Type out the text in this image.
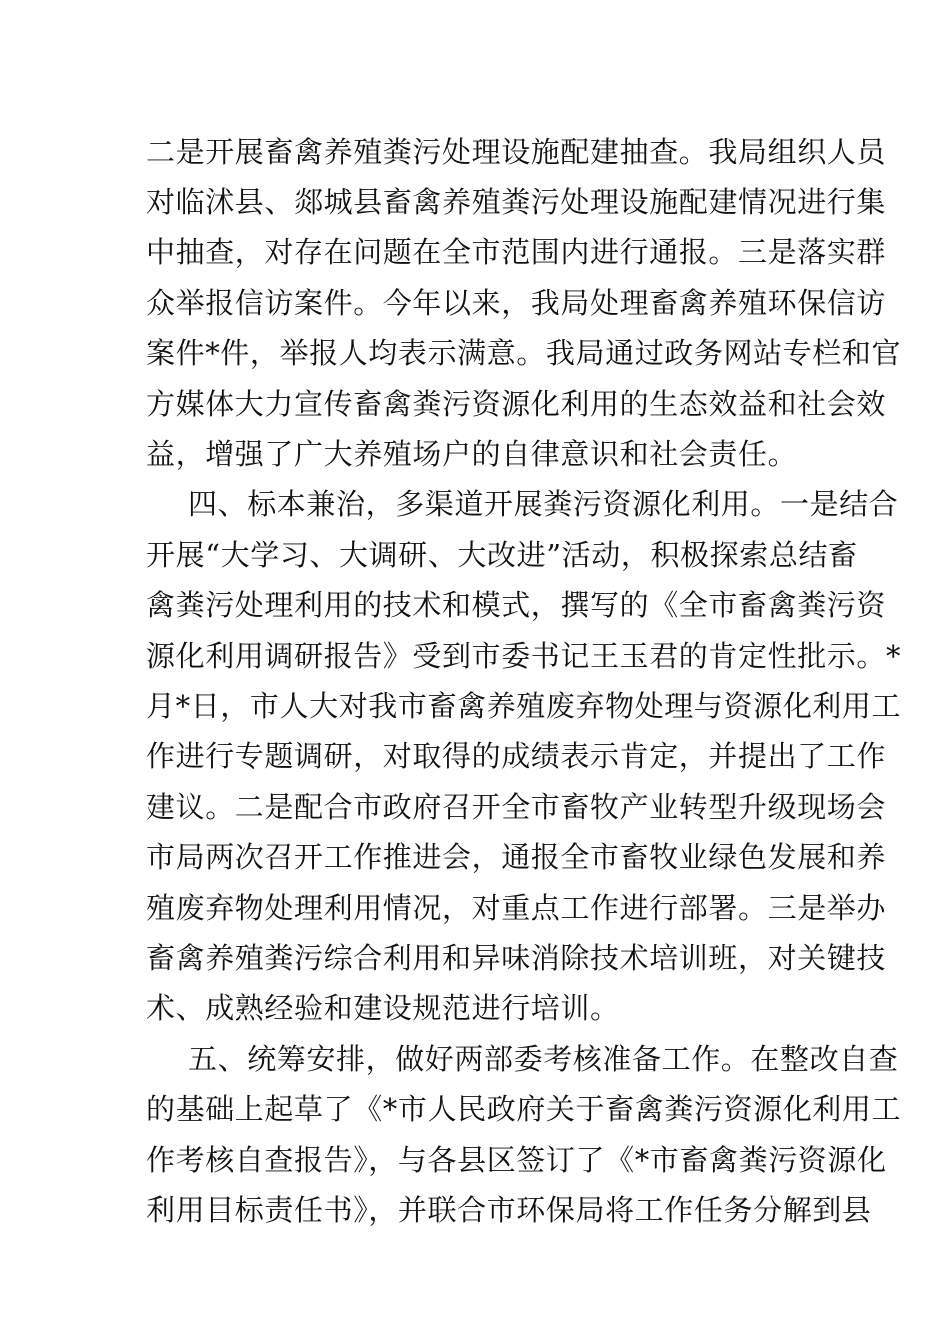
二是开展畜禽养殖粪污处理设施配建抽查。我局组织人员
对临沭县、郯城县畜禽养殖粪污处理设施配建情况进行集
中抽查，对存在问题在全市范围内进行通报。三是落实群
众举报信访案件。今年以来，我局处理畜禽养殖环保信访
案件*件，举报人均表示满意。我局通过政务网站专栏和官
方媒体大力宣传畜禽粪污资源化利用的生态效益和社会效
益，增强了广大养殖场户的自律意识和社会责任。
四、标本兼治，多渠道开展粪污资源化利用。一是结合
开展“大学习、大调研、大改进”活动，积极探索总结畜
禽粪污处理利用的技术和模式，撰写的《全市畜禽粪污资
源化利用调研报告》受到市委书记王玉君的肯定性批示。*
月*日，市人大对我市畜禽养殖废弃物处理与资源化利用工
作进行专题调研，对取得的成绩表示肯定，并提出了工作
建议。二是配合市政府召开全市畜牧产业转型升级现场会
市局两次召开工作推进会，通报全市畜牧业绿色发展和养
殖废弃物处理利用情况，对重点工作进行部署。三是举办
畜禽养殖粪污综合利用和异味消除技术培训班，对关键技
术、成熟经验和建设规范进行培训。
五、统筹安排，做好两部委考核准备工作。在整改自查
的基础上起草了《*市人民政府关于畜禽粪污资源化利用工
作考核自查报告》，与各县区签订了《*市畜禽粪污资源化
利用目标责任书》，并联合市环保局将工作任务分解到县
